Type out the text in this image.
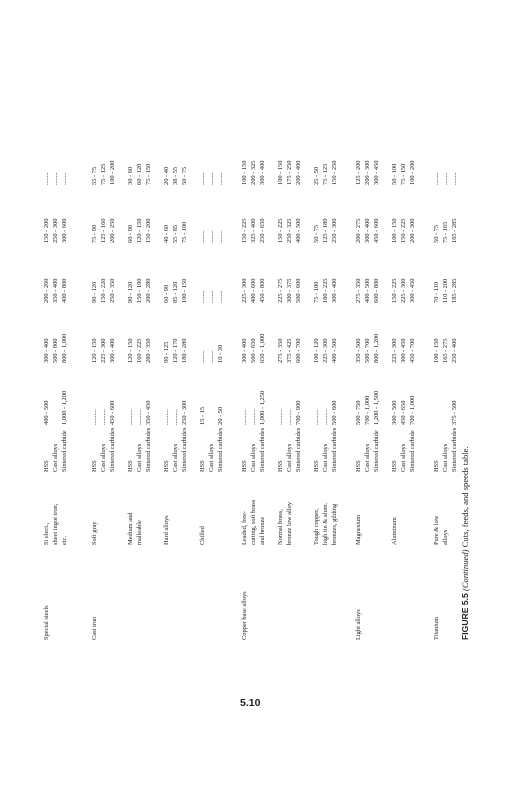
Special steels
Si elect., sheet ingot iron, etc.
HSS Cast alloys Sintered carbide
400 - 500 1,000 - 1,200
300 - 400 500 - 800 800 - 1,000
200 - 260 350 - 400 400 - 800
150 - 200 250 - 300 300 - 600
........ ........ ........
Cast iron
Soft gray
HSS Cast alloys Sintered carbides
.......... .......... 450 - 600
120 - 150 225 - 300 300 - 400
90 - 120 150 - 220 250 - 350
75 - 90 125 - 160 200 - 250
55 - 75 75 - 125 100 - 200
Medium and malleable
HSS Cast alloys Sintered carbides
.......... .......... 350 - 450
120 - 150 160 - 225 280 - 350
90 - 120 150 - 190 200 - 280
60 - 90 120 - 150 150 - 200
30 - 60 60 - 120 75 - 150
Hard alloys
HSS Cast alloys Sintered carbides
.......... .......... 250 - 300
90 - 125 120 - 170 180 - 280
60 - 90 85 - 120 100 - 150
40 - 60 55 - 85 75 - 100
20 - 40 38 - 55 50 - 75
Chilled
HSS Cast alloys Sintered carbides
15 - 15 20 - 50
........ ........ 10 - 30
........ ........ ........
........ ........ ........
........ ........ ........
Copper base alloys
Leaded, free- cutting, soft brass and bronze
HSS Cast alloys Sintered carbides
.......... .......... 1,000 - 1,250
300 - 400 500 - 650 650 - 1,000
225 - 300 400 - 600 450 - 800
150 - 225 325 - 400 250 - 650
100 - 150 200 - 325 300 - 400
Normal brass, bronze low alloy
HSS Cast alloys Sintered carbides
.......... .......... 700 - 900
275 - 350 375 - 425 600 - 700
225 - 275 300 - 375 500 - 600
150 - 225 250 - 325 400 - 500
100 - 150 175 - 250 200 - 400
Tough copper, high tin & alum. bronzes, gilding
HSS Cast alloys Sintered carbides
.......... .......... 500 - 600
100 - 120 225 - 300 400 - 500
75 - 100 180 - 225 300 - 400
50 - 75 125 - 180 250 - 300
25 - 50 75 - 125 150 - 250
Light alloys
Magnesium
HSS Cast alloys Sintered carbide
500 - 750 700 - 1,000 1,200 - 1,500
350 - 500 500 - 700 800 - 1,200
275 - 350 400 - 500 600 - 800
200 - 275 300 - 400 450 - 600
125 - 200 200 - 300 300 - 450
Aluminum
HSS Cast alloys Sintered carbide
300 - 500 450 - 650 700 - 1,000
225 - 300 300 - 450 450 - 700
150 - 225 225 - 300 300 - 450
100 - 150 150 - 225 200 - 300
50 - 100 75 - 150 100 - 200
Titanium
Pure & low alloys
HSS Cast alloys Sintered carbides
375 - 500
100 - 150 165 - 275 250 - 400
70 - 110 110 - 200 185 - 285
50 - 75 75 - 165 165 - 285
........ ........ ........
FIGURE 5.5 (Continued) Cuts, feeds, and speeds table.
5.10
